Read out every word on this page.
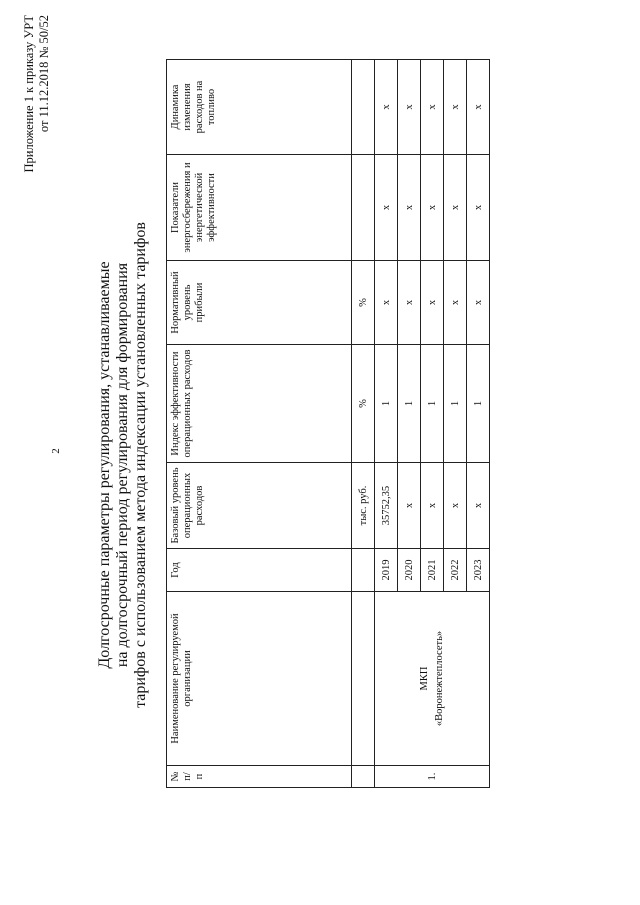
2
Приложение 1 к приказу УРТ от 11.12.2018 № 50/52
Долгосрочные параметры регулирования, устанавливаемые на долгосрочный период регулирования для формирования тарифов с использованием метода индексации установленных тарифов
№ п/п	Наименование регулируемой организации	Год	Базовый уровень операционных расходов	Индекс эффективности операционных расходов	Нормативный уровень прибыли	Показатели энергосбережения и энергетической эффективности	Динамика изменения расходов на топливо
			тыс. руб.	%	%		
1.	МКП «Воронежтеплосеть»	2019	35752,35	1	x	x	x
		2020	x	1	x	x	x
		2021	x	1	x	x	x
		2022	x	1	x	x	x
		2023	x	1	x	x	x
